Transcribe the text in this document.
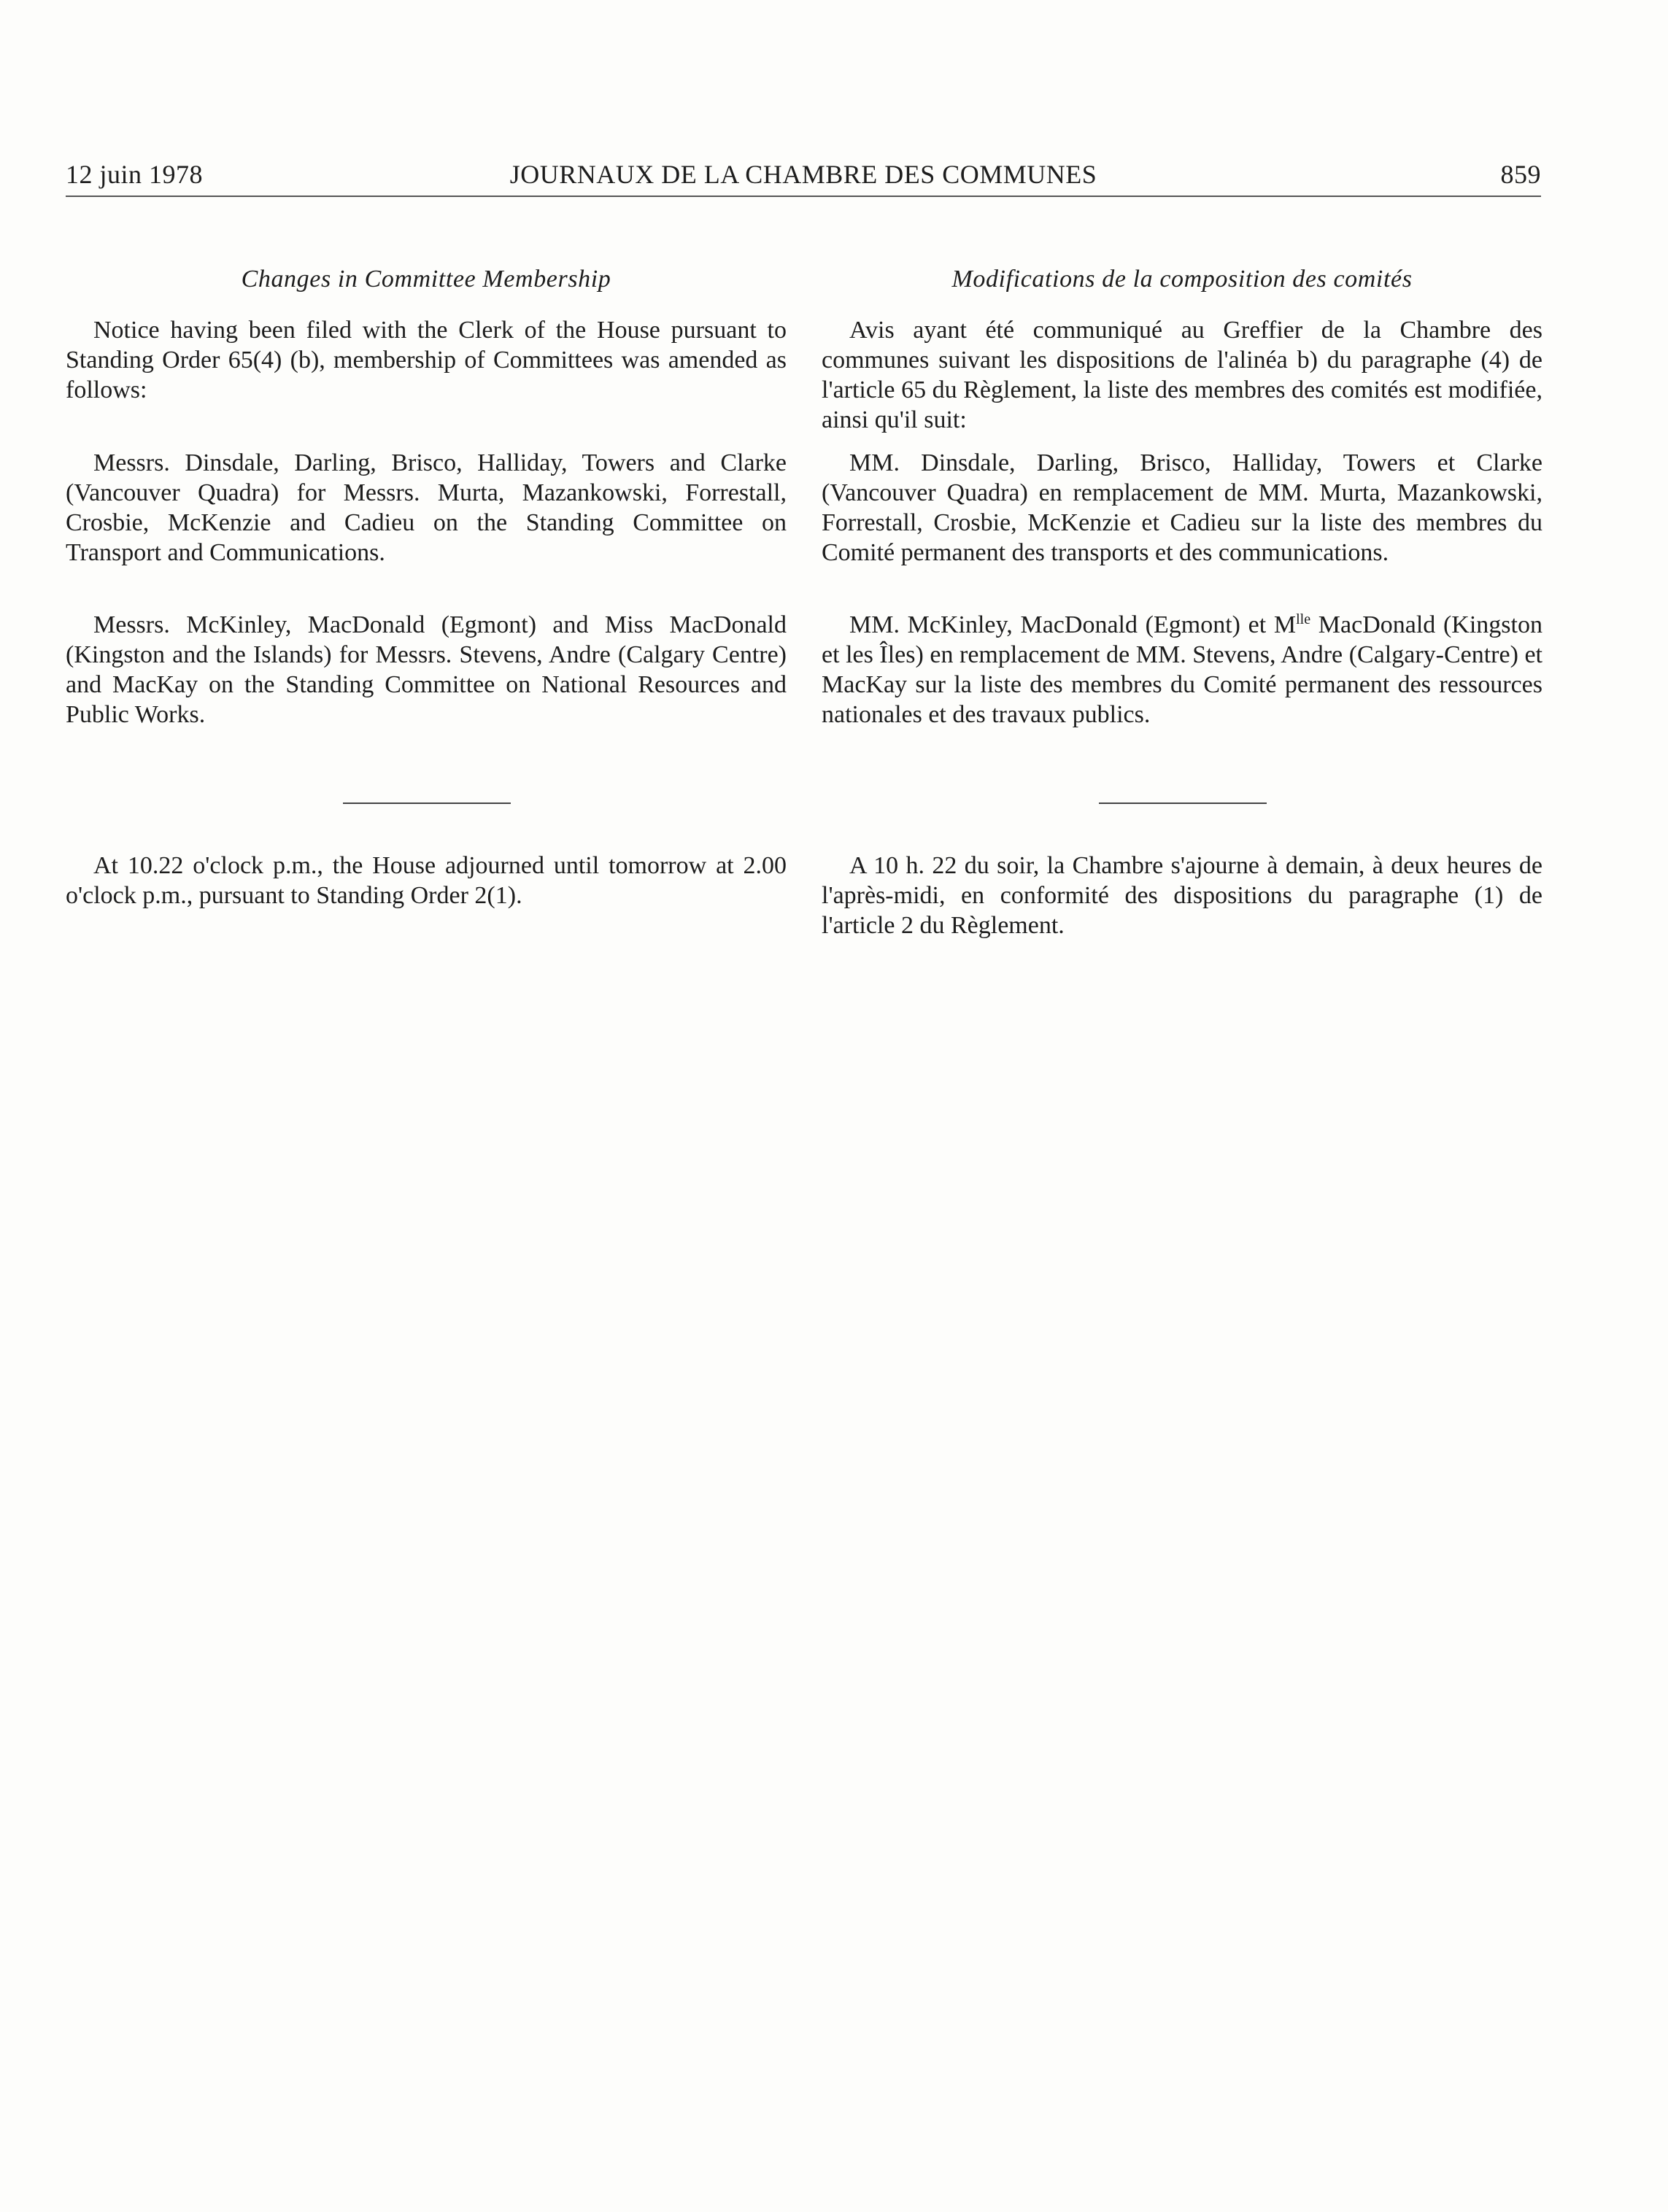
12 juin 1978	JOURNAUX DE LA CHAMBRE DES COMMUNES	859

Changes in Committee Membership

Notice having been filed with the Clerk of the House pursuant to Standing Order 65(4) (b), membership of Committees was amended as follows:

Messrs. Dinsdale, Darling, Brisco, Halliday, Towers and Clarke (Vancouver Quadra) for Messrs. Murta, Mazankowski, Forrestall, Crosbie, McKenzie and Cadieu on the Standing Committee on Transport and Communications.

Messrs. McKinley, MacDonald (Egmont) and Miss MacDonald (Kingston and the Islands) for Messrs. Stevens, Andre (Calgary Centre) and MacKay on the Standing Committee on National Resources and Public Works.

At 10.22 o'clock p.m., the House adjourned until tomorrow at 2.00 o'clock p.m., pursuant to Standing Order 2(1).

Modifications de la composition des comités

Avis ayant été communiqué au Greffier de la Chambre des communes suivant les dispositions de l'alinéa b) du paragraphe (4) de l'article 65 du Règlement, la liste des membres des comités est modifiée, ainsi qu'il suit:

MM. Dinsdale, Darling, Brisco, Halliday, Towers et Clarke (Vancouver Quadra) en remplacement de MM. Murta, Mazankowski, Forrestall, Crosbie, McKenzie et Cadieu sur la liste des membres du Comité permanent des transports et des communications.

MM. McKinley, MacDonald (Egmont) et $M^{lle}$ MacDonald (Kingston et les Îles) en remplacement de MM. Stevens, Andre (Calgary-Centre) et MacKay sur la liste des membres du Comité permanent des ressources nationales et des travaux publics.

A 10 h. 22 du soir, la Chambre s'ajourne à demain, à deux heures de l'après-midi, en conformité des dispositions du paragraphe (1) de l'article 2 du Règlement.
